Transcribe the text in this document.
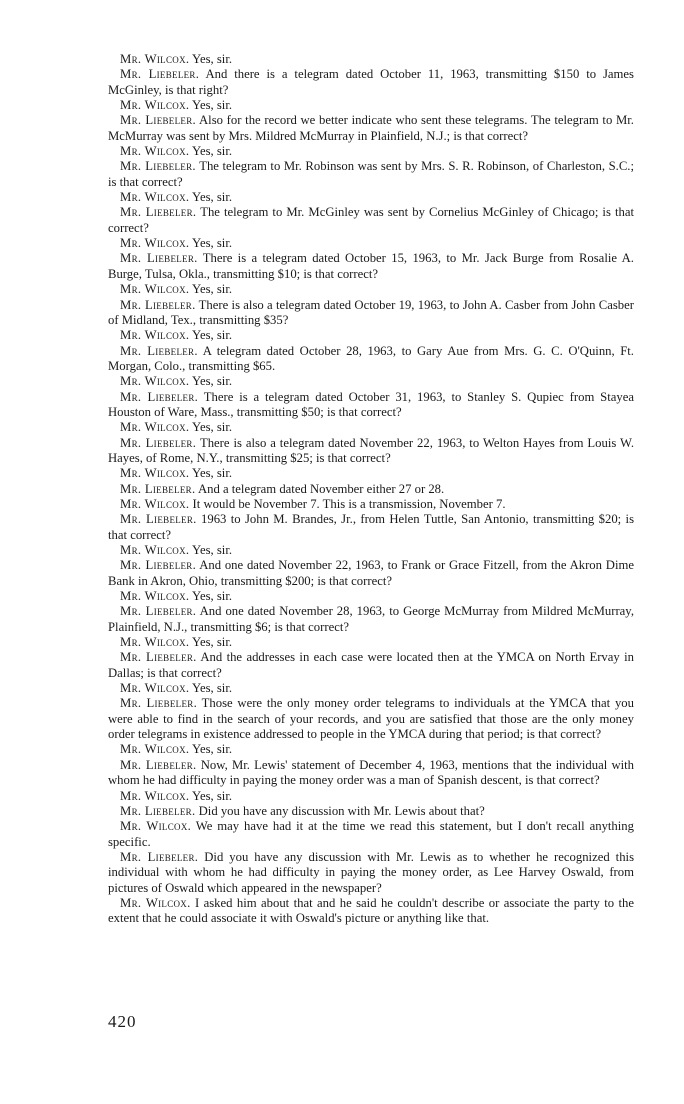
Mr. Wilcox. Yes, sir.

Mr. Liebeler. And there is a telegram dated October 11, 1963, transmitting $150 to James McGinley, is that right?

Mr. Wilcox. Yes, sir.

Mr. Liebeler. Also for the record we better indicate who sent these telegrams. The telegram to Mr. McMurray was sent by Mrs. Mildred McMurray in Plainfield, N.J.; is that correct?

Mr. Wilcox. Yes, sir.

Mr. Liebeler. The telegram to Mr. Robinson was sent by Mrs. S. R. Robinson, of Charleston, S.C.; is that correct?

Mr. Wilcox. Yes, sir.

Mr. Liebeler. The telegram to Mr. McGinley was sent by Cornelius McGinley of Chicago; is that correct?

Mr. Wilcox. Yes, sir.

Mr. Liebeler. There is a telegram dated October 15, 1963, to Mr. Jack Burge from Rosalie A. Burge, Tulsa, Okla., transmitting $10; is that correct?

Mr. Wilcox. Yes, sir.

Mr. Liebeler. There is also a telegram dated October 19, 1963, to John A. Casber from John Casber of Midland, Tex., transmitting $35?

Mr. Wilcox. Yes, sir.

Mr. Liebeler. A telegram dated October 28, 1963, to Gary Aue from Mrs. G. C. O'Quinn, Ft. Morgan, Colo., transmitting $65.

Mr. Wilcox. Yes, sir.

Mr. Liebeler. There is a telegram dated October 31, 1963, to Stanley S. Qupiec from Stayea Houston of Ware, Mass., transmitting $50; is that correct?

Mr. Wilcox. Yes, sir.

Mr. Liebeler. There is also a telegram dated November 22, 1963, to Welton Hayes from Louis W. Hayes, of Rome, N.Y., transmitting $25; is that correct?

Mr. Wilcox. Yes, sir.

Mr. Liebeler. And a telegram dated November either 27 or 28.

Mr. Wilcox. It would be November 7. This is a transmission, November 7.

Mr. Liebeler. 1963 to John M. Brandes, Jr., from Helen Tuttle, San Antonio, transmitting $20; is that correct?

Mr. Wilcox. Yes, sir.

Mr. Liebeler. And one dated November 22, 1963, to Frank or Grace Fitzell, from the Akron Dime Bank in Akron, Ohio, transmitting $200; is that correct?

Mr. Wilcox. Yes, sir.

Mr. Liebeler. And one dated November 28, 1963, to George McMurray from Mildred McMurray, Plainfield, N.J., transmitting $6; is that correct?

Mr. Wilcox. Yes, sir.

Mr. Liebeler. And the addresses in each case were located then at the YMCA on North Ervay in Dallas; is that correct?

Mr. Wilcox. Yes, sir.

Mr. Liebeler. Those were the only money order telegrams to individuals at the YMCA that you were able to find in the search of your records, and you are satisfied that those are the only money order telegrams in existence addressed to people in the YMCA during that period; is that correct?

Mr. Wilcox. Yes, sir.

Mr. Liebeler. Now, Mr. Lewis' statement of December 4, 1963, mentions that the individual with whom he had difficulty in paying the money order was a man of Spanish descent, is that correct?

Mr. Wilcox. Yes, sir.

Mr. Liebeler. Did you have any discussion with Mr. Lewis about that?

Mr. Wilcox. We may have had it at the time we read this statement, but I don't recall anything specific.

Mr. Liebeler. Did you have any discussion with Mr. Lewis as to whether he recognized this individual with whom he had difficulty in paying the money order, as Lee Harvey Oswald, from pictures of Oswald which appeared in the newspaper?

Mr. Wilcox. I asked him about that and he said he couldn't describe or associate the party to the extent that he could associate it with Oswald's picture or anything like that.

420
